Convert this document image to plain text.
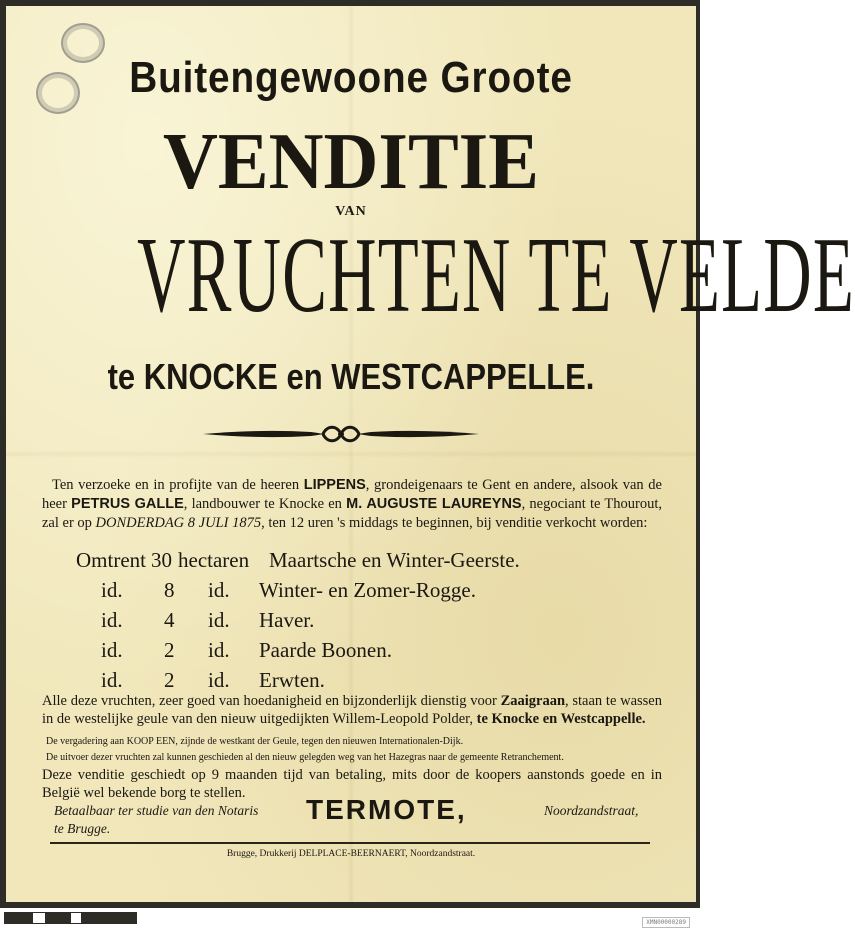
Buitengewoone Groote
VENDITIE
VAN
VRUCHTEN TE VELDE
te KNOCKE en WESTCAPPELLE.
Ten verzoeke en in profijte van de heeren LIPPENS, grondeigenaars te Gent en andere, alsook van de heer PETRUS GALLE, landbouwer te Knocke en M. AUGUSTE LAUREYNS, negociant te Thourout, zal er op DONDERDAG 8 JULI 1875, ten 12 uren 's middags te beginnen, bij venditie verkocht worden:
Omtrent 30 hectaren Maartsche en Winter-Geerste.
id. 8 id. Winter- en Zomer-Rogge.
id. 4 id. Haver.
id. 2 id. Paarde Boonen.
id. 2 id. Erwten.
Alle deze vruchten, zeer goed van hoedanigheid en bijzonderlijk dienstig voor Zaaigraan, staan te wassen in de westelijke geule van den nieuw uitgedijkten Willem-Leopold Polder, te Knocke en Westcappelle.
De vergadering aan KOOP EEN, zijnde de westkant der Geule, tegen den nieuwen Internationalen-Dijk.
De uitvoer dezer vruchten zal kunnen geschieden al den nieuw gelegden weg van het Hazegras naar de gemeente Retranchement.
Deze venditie geschiedt op 9 maanden tijd van betaling, mits door de koopers aanstonds goede en in België wel bekende borg te stellen.
Betaalbaar ter studie van den Notaris	Noordzandstraat,
te Brugge.
TERMOTE,
Brugge, Drukkerij DELPLACE-BEERNAERT, Noordzandstraat.
XMN00000289
